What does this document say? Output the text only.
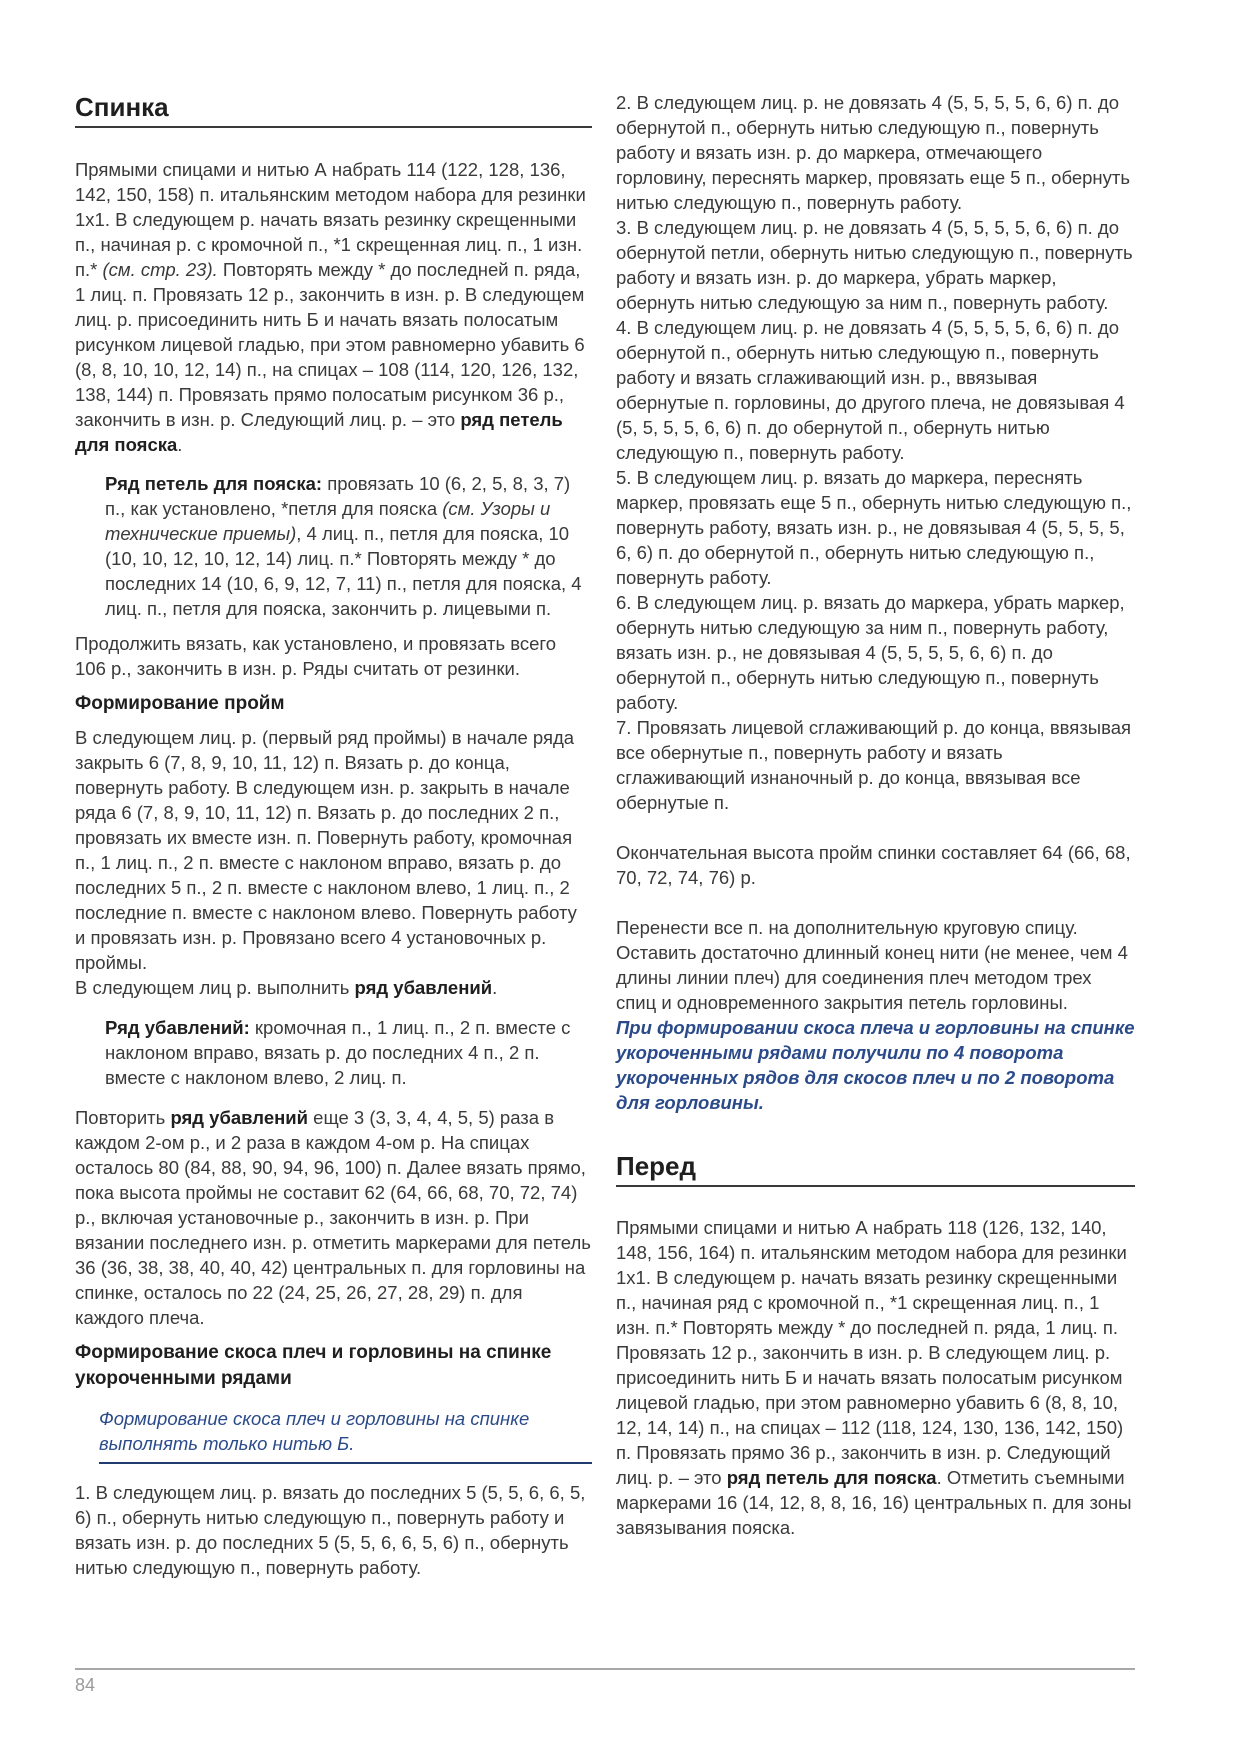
Спинка

Прямыми спицами и нитью А набрать 114 (122, 128, 136, 142, 150, 158) п. итальянским методом набора для резинки 1х1. В следующем р. начать вязать резинку скрещенными п., начиная р. с кромочной п., *1 скрещенная лиц. п., 1 изн. п.* (см. стр. 23). Повторять между * до последней п. ряда, 1 лиц. п. Провязать 12 р., закончить в изн. р. В следующем лиц. р. присоединить нить Б и начать вязать полосатым рисунком лицевой гладью, при этом равномерно убавить 6 (8, 8, 10, 10, 12, 14) п., на спицах – 108 (114, 120, 126, 132, 138, 144) п. Провязать прямо полосатым рисунком 36 р., закончить в изн. р. Следующий лиц. р. – это ряд петель для пояска.

Ряд петель для пояска: провязать 10 (6, 2, 5, 8, 3, 7) п., как установлено, *петля для пояска (см. Узоры и технические приемы), 4 лиц. п., петля для пояска, 10 (10, 10, 12, 10, 12, 14) лиц. п.* Повторять между * до последних 14 (10, 6, 9, 12, 7, 11) п., петля для пояска, 4 лиц. п., петля для пояска, закончить р. лицевыми п.

Продолжить вязать, как установлено, и провязать всего 106 р., закончить в изн. р. Ряды считать от резинки.

Формирование пройм

В следующем лиц. р. (первый ряд проймы) в начале ряда закрыть 6 (7, 8, 9, 10, 11, 12) п. Вязать р. до конца, повернуть работу. В следующем изн. р. закрыть в начале ряда 6 (7, 8, 9, 10, 11, 12) п. Вязать р. до последних 2 п., провязать их вместе изн. п. Повернуть работу, кромочная п., 1 лиц. п., 2 п. вместе с наклоном вправо, вязать р. до последних 5 п., 2 п. вместе с наклоном влево, 1 лиц. п., 2 последние п. вместе с наклоном влево. Повернуть работу и провязать изн. р. Провязано всего 4 установочных р. проймы.

В следующем лиц р. выполнить ряд убавлений.

Ряд убавлений: кромочная п., 1 лиц. п., 2 п. вместе с наклоном вправо, вязать р. до последних 4 п., 2 п. вместе с наклоном влево, 2 лиц. п.

Повторить ряд убавлений еще 3 (3, 3, 4, 4, 5, 5) раза в каждом 2-ом р., и 2 раза в каждом 4-ом р. На спицах осталось 80 (84, 88, 90, 94, 96, 100) п. Далее вязать прямо, пока высота проймы не составит 62 (64, 66, 68, 70, 72, 74) р., включая установочные р., закончить в изн. р. При вязании последнего изн. р. отметить маркерами для петель 36 (36, 38, 38, 40, 40, 42) центральных п. для горловины на спинке, осталось по 22 (24, 25, 26, 27, 28, 29) п. для каждого плеча.

Формирование скоса плеч и горловины на спинке укороченными рядами

Формирование скоса плеч и горловины на спинке выполнять только нитью Б.

1. В следующем лиц. р. вязать до последних 5 (5, 5, 6, 6, 5, 6) п., обернуть нитью следующую п., повернуть работу и вязать изн. р. до последних 5 (5, 5, 6, 6, 5, 6) п., обернуть нитью следующую п., повернуть работу.

2. В следующем лиц. р. не довязать 4 (5, 5, 5, 5, 6, 6) п. до обернутой п., обернуть нитью следующую п., повернуть работу и вязать изн. р. до маркера, отмечающего горловину, переснять маркер, провязать еще 5 п., обернуть нитью следующую п., повернуть работу.

3. В следующем лиц. р. не довязать 4 (5, 5, 5, 5, 6, 6) п. до обернутой петли, обернуть нитью следующую п., повернуть работу и вязать изн. р. до маркера, убрать маркер, обернуть нитью следующую за ним п., повернуть работу.

4. В следующем лиц. р. не довязать 4 (5, 5, 5, 5, 6, 6) п. до обернутой п., обернуть нитью следующую п., повернуть работу и вязать сглаживающий изн. р., ввязывая обернутые п. горловины, до другого плеча, не довязывая 4 (5, 5, 5, 5, 6, 6) п. до обернутой п., обернуть нитью следующую п., повернуть работу.

5. В следующем лиц. р. вязать до маркера, переснять маркер, провязать еще 5 п., обернуть нитью следующую п., повернуть работу, вязать изн. р., не довязывая 4 (5, 5, 5, 5, 6, 6) п. до обернутой п., обернуть нитью следующую п., повернуть работу.

6. В следующем лиц. р. вязать до маркера, убрать маркер, обернуть нитью следующую за ним п., повернуть работу, вязать изн. р., не довязывая 4 (5, 5, 5, 5, 6, 6) п. до обернутой п., обернуть нитью следующую п., повернуть работу.

7. Провязать лицевой сглаживающий р. до конца, ввязывая все обернутые п., повернуть работу и вязать сглаживающий изнаночный р. до конца, ввязывая все обернутые п.

Окончательная высота пройм спинки составляет 64 (66, 68, 70, 72, 74, 76) р.

Перенести все п. на дополнительную круговую спицу. Оставить достаточно длинный конец нити (не менее, чем 4 длины линии плеч) для соединения плеч методом трех спиц и одновременного закрытия петель горловины.

При формировании скоса плеча и горловины на спинке укороченными рядами получили по 4 поворота укороченных рядов для скосов плеч и по 2 поворота для горловины.

Перед

Прямыми спицами и нитью А набрать 118 (126, 132, 140, 148, 156, 164) п. итальянским методом набора для резинки 1х1. В следующем р. начать вязать резинку скрещенными п., начиная ряд с кромочной п., *1 скрещенная лиц. п., 1 изн. п.* Повторять между * до последней п. ряда, 1 лиц. п. Провязать 12 р., закончить в изн. р. В следующем лиц. р. присоединить нить Б и начать вязать полосатым рисунком лицевой гладью, при этом равномерно убавить 6 (8, 8, 10, 12, 14, 14) п., на спицах – 112 (118, 124, 130, 136, 142, 150) п. Провязать прямо 36 р., закончить в изн. р. Следующий лиц. р. – это ряд петель для пояска. Отметить съемными маркерами 16 (14, 12, 8, 8, 16, 16) центральных п. для зоны завязывания пояска.

84
